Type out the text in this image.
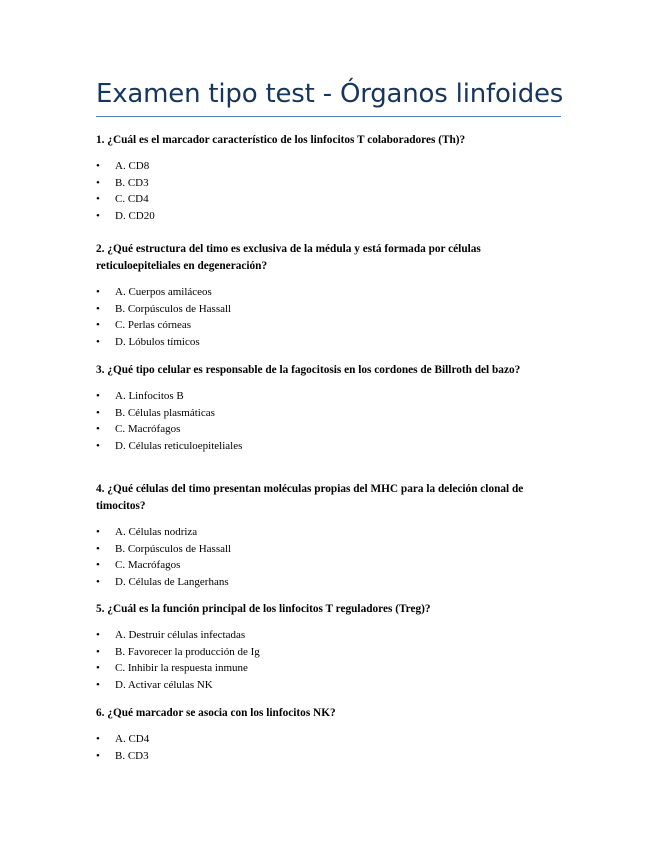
Examen tipo test - Órganos linfoides

1. ¿Cuál es el marcador característico de los linfocitos T colaboradores (Th)?

• A. CD8
• B. CD3
• C. CD4
• D. CD20

2. ¿Qué estructura del timo es exclusiva de la médula y está formada por células reticuloepiteliales en degeneración?

• A. Cuerpos amiláceos
• B. Corpúsculos de Hassall
• C. Perlas córneas
• D. Lóbulos tímicos

3. ¿Qué tipo celular es responsable de la fagocitosis en los cordones de Billroth del bazo?

• A. Linfocitos B
• B. Células plasmáticas
• C. Macrófagos
• D. Células reticuloepiteliales

4. ¿Qué células del timo presentan moléculas propias del MHC para la deleción clonal de timocitos?

• A. Células nodriza
• B. Corpúsculos de Hassall
• C. Macrófagos
• D. Células de Langerhans

5. ¿Cuál es la función principal de los linfocitos T reguladores (Treg)?

• A. Destruir células infectadas
• B. Favorecer la producción de Ig
• C. Inhibir la respuesta inmune
• D. Activar células NK

6. ¿Qué marcador se asocia con los linfocitos NK?

• A. CD4
• B. CD3
